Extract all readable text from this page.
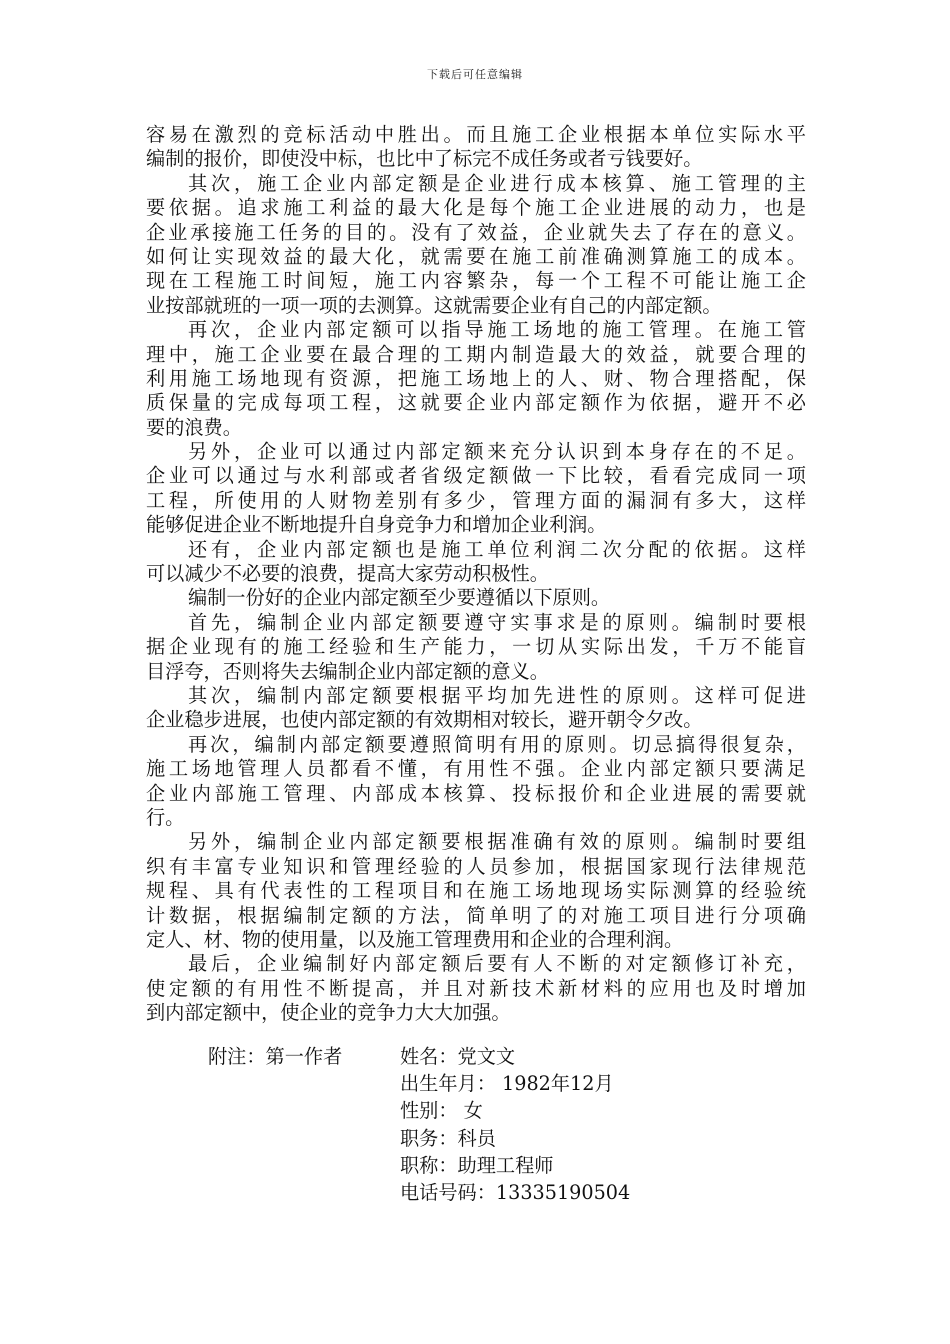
下载后可任意编辑
容易在激烈的竞标活动中胜出。而且施工企业根据本单位实际水平
编制的报价，即使没中标，也比中了标完不成任务或者亏钱要好。
其次，施工企业内部定额是企业进行成本核算、施工管理的主
要依据。追求施工利益的最大化是每个施工企业进展的动力，也是
企业承接施工任务的目的。没有了效益，企业就失去了存在的意义。
如何让实现效益的最大化，就需要在施工前准确测算施工的成本。
现在工程施工时间短，施工内容繁杂，每一个工程不可能让施工企
业按部就班的一项一项的去测算。这就需要企业有自己的内部定额。
再次，企业内部定额可以指导施工场地的施工管理。在施工管
理中，施工企业要在最合理的工期内制造最大的效益，就要合理的
利用施工场地现有资源，把施工场地上的人、财、物合理搭配，保
质保量的完成每项工程，这就要企业内部定额作为依据，避开不必
要的浪费。
另外，企业可以通过内部定额来充分认识到本身存在的不足。
企业可以通过与水利部或者省级定额做一下比较，看看完成同一项
工程，所使用的人财物差别有多少，管理方面的漏洞有多大，这样
能够促进企业不断地提升自身竞争力和增加企业利润。
还有，企业内部定额也是施工单位利润二次分配的依据。这样
可以减少不必要的浪费，提高大家劳动积极性。
编制一份好的企业内部定额至少要遵循以下原则。
首先，编制企业内部定额要遵守实事求是的原则。编制时要根
据企业现有的施工经验和生产能力，一切从实际出发，千万不能盲
目浮夸，否则将失去编制企业内部定额的意义。
其次，编制内部定额要根据平均加先进性的原则。这样可促进
企业稳步进展，也使内部定额的有效期相对较长，避开朝令夕改。
再次，编制内部定额要遵照简明有用的原则。切忌搞得很复杂，
施工场地管理人员都看不懂，有用性不强。企业内部定额只要满足
企业内部施工管理、内部成本核算、投标报价和企业进展的需要就
行。
另外，编制企业内部定额要根据准确有效的原则。编制时要组
织有丰富专业知识和管理经验的人员参加，根据国家现行法律规范
规程、具有代表性的工程项目和在施工场地现场实际测算的经验统
计数据，根据编制定额的方法，简单明了的对施工项目进行分项确
定人、材、物的使用量，以及施工管理费用和企业的合理利润。
最后，企业编制好内部定额后要有人不断的对定额修订补充，
使定额的有用性不断提高，并且对新技术新材料的应用也及时增加
到内部定额中，使企业的竞争力大大加强。
附注：第一作者	姓名：党文文
出生年月： 1982年12月
性别： 女
职务：科员
职称：助理工程师
电话号码：13335190504
